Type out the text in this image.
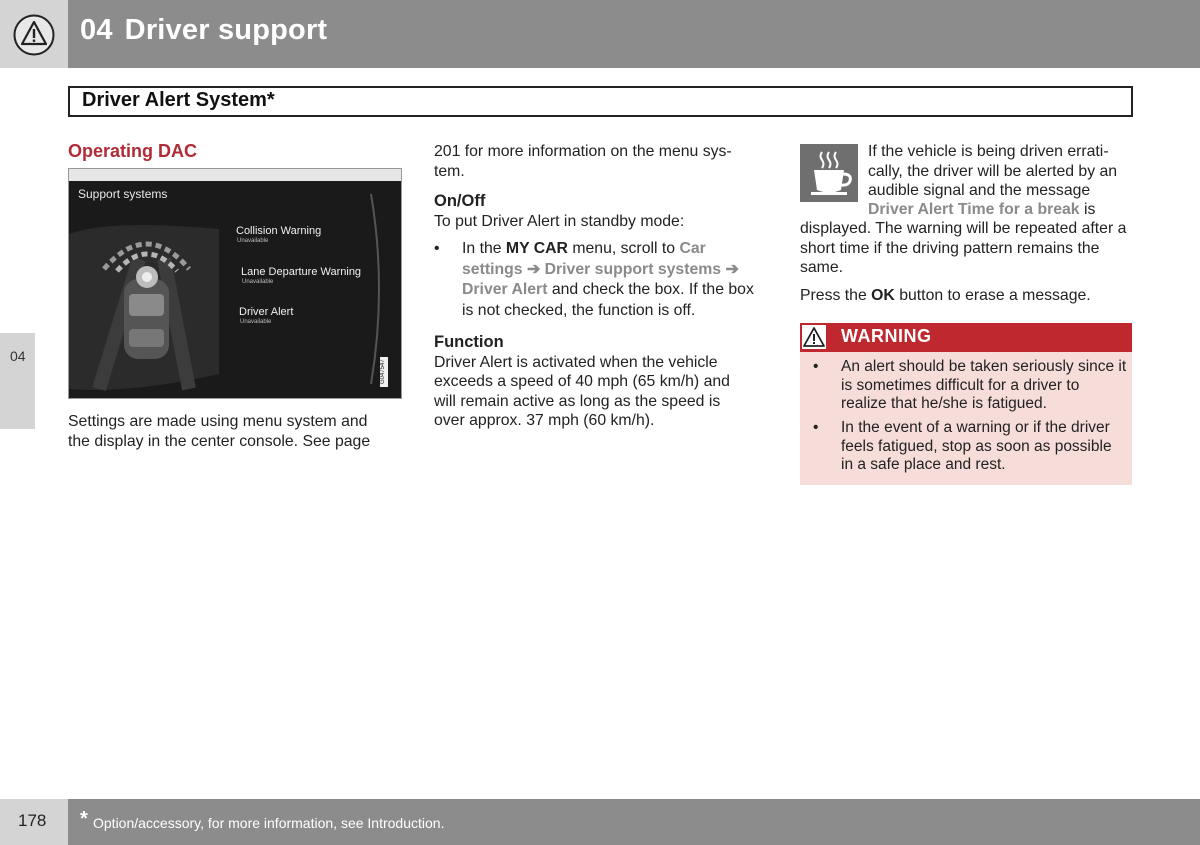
04 Driver support
Driver Alert System*
04
Operating DAC
Support systems
Collision Warning
Unavailable
Lane Departure Warning
Unavailable
Driver Alert
Unavailable
G047547
Settings are made using menu system and the display in the center console. See page

201 for more information on the menu sys-tem.

On/Off

To put Driver Alert in standby mode:

• In the MY CAR menu, scroll to Car settings ➔ Driver support systems ➔ Driver Alert and check the box. If the box is not checked, the function is off.

Function

Driver Alert is activated when the vehicle exceeds a speed of 40 mph (65 km/h) and will remain active as long as the speed is over approx. 37 mph (60 km/h).

If the vehicle is being driven errati-cally, the driver will be alerted by an audible signal and the message
Driver Alert Time for a break is

displayed. The warning will be repeated after a short time if the driving pattern remains the same.

Press the OK button to erase a message.

WARNING
• An alert should be taken seriously since it is sometimes difficult for a driver to realize that he/she is fatigued.
• In the event of a warning or if the driver feels fatigued, stop as soon as possible in a safe place and rest.
178 * Option/accessory, for more information, see Introduction.
